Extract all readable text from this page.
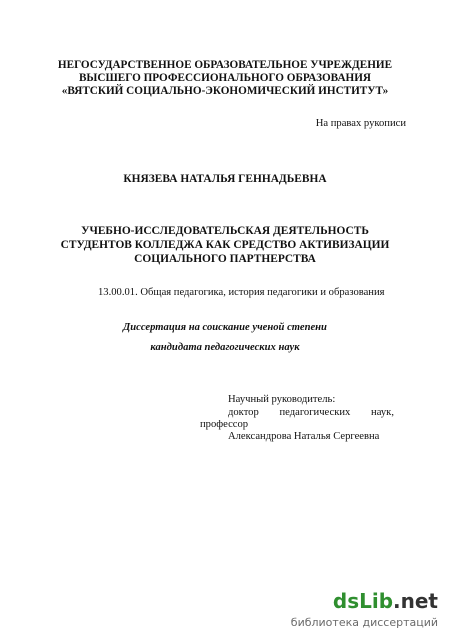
НЕГОСУДАРСТВЕННОЕ ОБРАЗОВАТЕЛЬНОЕ УЧРЕЖДЕНИЕ
ВЫСШЕГО ПРОФЕССИОНАЛЬНОГО ОБРАЗОВАНИЯ
«ВЯТСКИЙ СОЦИАЛЬНО-ЭКОНОМИЧЕСКИЙ ИНСТИТУТ»
На правах рукописи
КНЯЗЕВА НАТАЛЬЯ ГЕННАДЬЕВНА
УЧЕБНО-ИССЛЕДОВАТЕЛЬСКАЯ ДЕЯТЕЛЬНОСТЬ
СТУДЕНТОВ КОЛЛЕДЖА КАК СРЕДСТВО АКТИВИЗАЦИИ
СОЦИАЛЬНОГО ПАРТНЕРСТВА
13.00.01. Общая педагогика, история педагогики и образования
Диссертация на соискание ученой степени
кандидата педагогических наук
Научный руководитель:
доктор педагогических наук,
профессор
Александрова Наталья Сергеевна
dsLib.net
библиотека диссертаций
